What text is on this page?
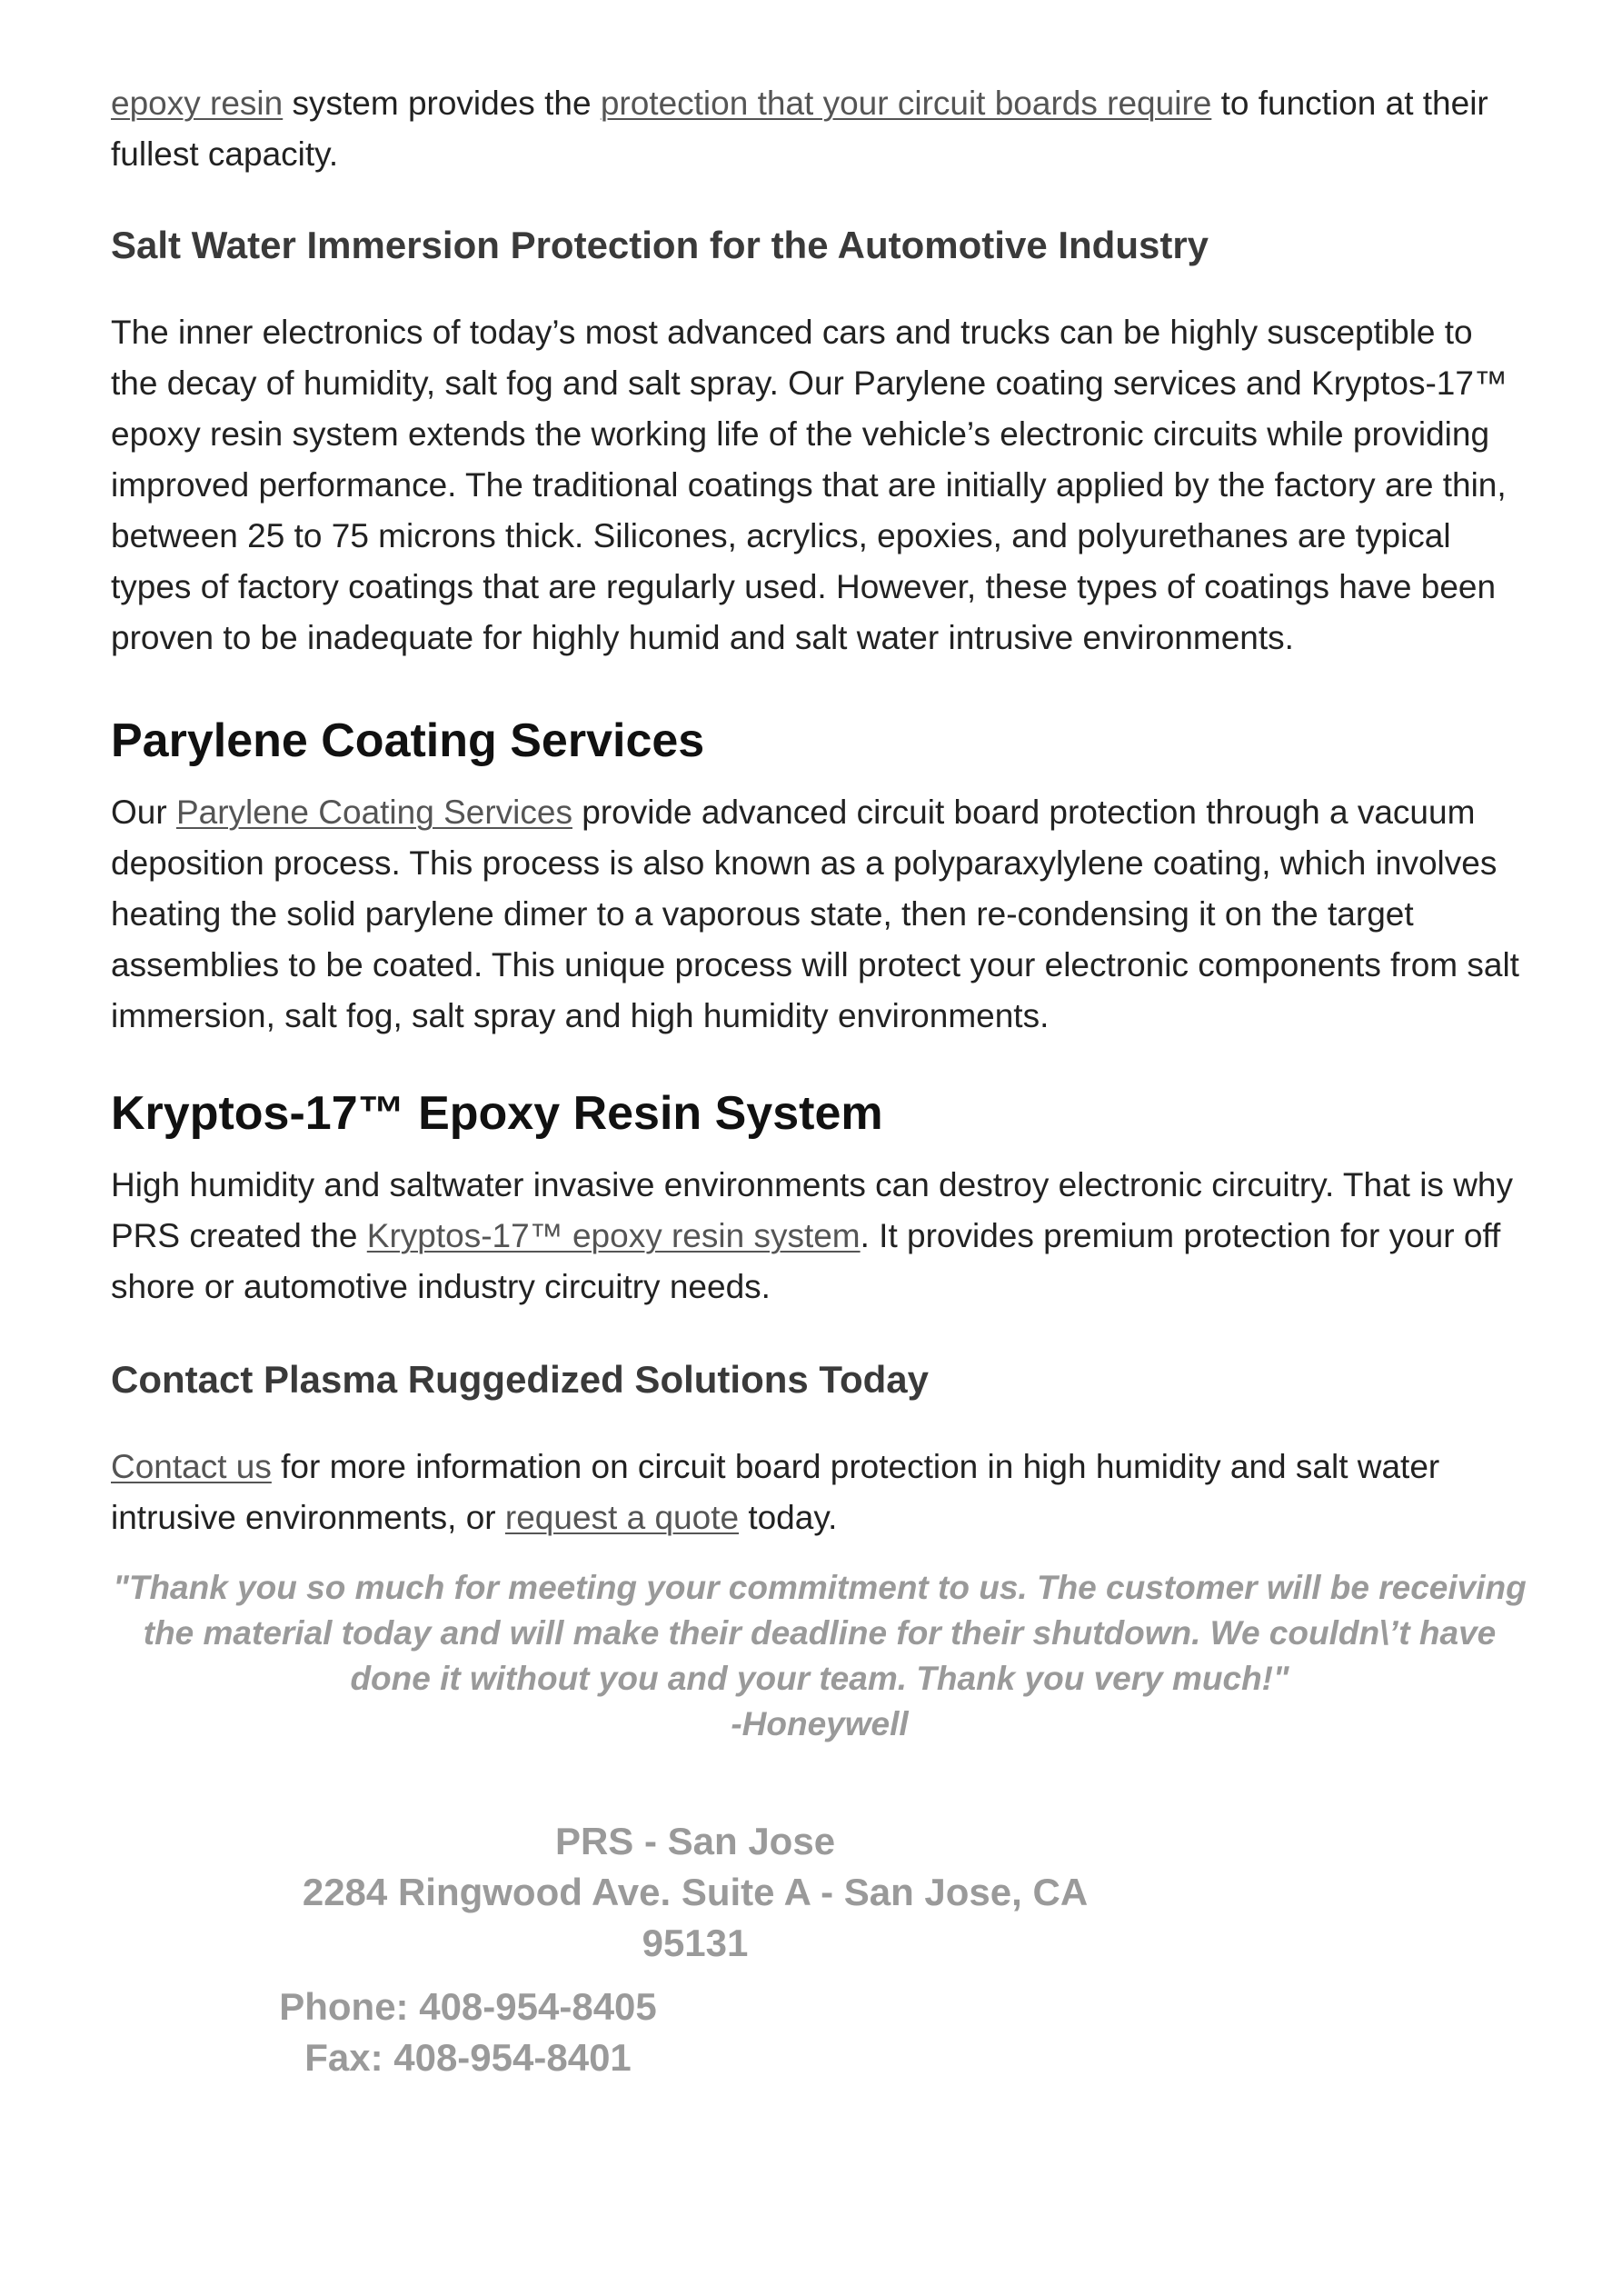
epoxy resin system provides the protection that your circuit boards require to function at their fullest capacity.

Salt Water Immersion Protection for the Automotive Industry

The inner electronics of today’s most advanced cars and trucks can be highly susceptible to the decay of humidity, salt fog and salt spray. Our Parylene coating services and Kryptos-17™ epoxy resin system extends the working life of the vehicle’s electronic circuits while providing improved performance. The traditional coatings that are initially applied by the factory are thin, between 25 to 75 microns thick. Silicones, acrylics, epoxies, and polyurethanes are typical types of factory coatings that are regularly used. However, these types of coatings have been proven to be inadequate for highly humid and salt water intrusive environments.

Parylene Coating Services

Our Parylene Coating Services provide advanced circuit board protection through a vacuum deposition process. This process is also known as a polyparaxylylene coating, which involves heating the solid parylene dimer to a vaporous state, then re-condensing it on the target assemblies to be coated. This unique process will protect your electronic components from salt immersion, salt fog, salt spray and high humidity environments.

Kryptos-17™ Epoxy Resin System

High humidity and saltwater invasive environments can destroy electronic circuitry. That is why PRS created the Kryptos-17™ epoxy resin system. It provides premium protection for your off shore or automotive industry circuitry needs.

Contact Plasma Ruggedized Solutions Today

Contact us for more information on circuit board protection in high humidity and salt water intrusive environments, or request a quote today.

"Thank you so much for meeting your commitment to us. The customer will be receiving the material today and will make their deadline for their shutdown. We couldn\’t have done it without you and your team. Thank you very much!"
-Honeywell
PRS - San Jose
2284 Ringwood Ave. Suite A - San Jose, CA 95131
Phone: 408-954-8405
Fax: 408-954-8401
